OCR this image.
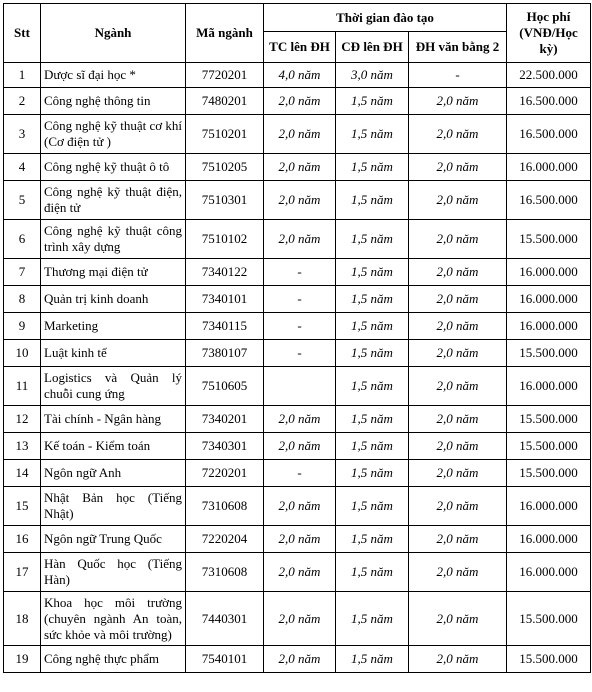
Stt	Ngành	Mã ngành	Thời gian đào tạo			Học phí (VNĐ/Học kỳ)
			TC lên ĐH	CĐ lên ĐH	ĐH văn bằng 2	
1	Dược sĩ đại học *	7720201	4,0 năm	3,0 năm	-	22.500.000
2	Công nghệ thông tin	7480201	2,0 năm	1,5 năm	2,0 năm	16.500.000
3	Công nghệ kỹ thuật cơ khí (Cơ điện tử )	7510201	2,0 năm	1,5 năm	2,0 năm	16.500.000
4	Công nghệ kỹ thuật ô tô	7510205	2,0 năm	1,5 năm	2,0 năm	16.000.000
5	Công nghệ kỹ thuật điện, điện tử	7510301	2,0 năm	1,5 năm	2,0 năm	16.500.000
6	Công nghệ kỹ thuật công trình xây dựng	7510102	2,0 năm	1,5 năm	2,0 năm	15.500.000
7	Thương mại điện tử	7340122	-	1,5 năm	2,0 năm	16.000.000
8	Quản trị kinh doanh	7340101	-	1,5 năm	2,0 năm	16.000.000
9	Marketing	7340115	-	1,5 năm	2,0 năm	16.000.000
10	Luật kinh tế	7380107	-	1,5 năm	2,0 năm	15.500.000
11	Logistics và Quản lý chuỗi cung ứng	7510605		1,5 năm	2,0 năm	16.000.000
12	Tài chính - Ngân hàng	7340201	2,0 năm	1,5 năm	2,0 năm	15.500.000
13	Kế toán - Kiểm toán	7340301	2,0 năm	1,5 năm	2,0 năm	15.500.000
14	Ngôn ngữ Anh	7220201	-	1,5 năm	2,0 năm	15.500.000
15	Nhật Bản học (Tiếng Nhật)	7310608	2,0 năm	1,5 năm	2,0 năm	16.000.000
16	Ngôn ngữ Trung Quốc	7220204	2,0 năm	1,5 năm	2,0 năm	16.000.000
17	Hàn Quốc học (Tiếng Hàn)	7310608	2,0 năm	1,5 năm	2,0 năm	16.000.000
18	Khoa học môi trường (chuyên ngành An toàn, sức khỏe và môi trường)	7440301	2,0 năm	1,5 năm	2,0 năm	15.500.000
19	Công nghệ thực phẩm	7540101	2,0 năm	1,5 năm	2,0 năm	15.500.000
